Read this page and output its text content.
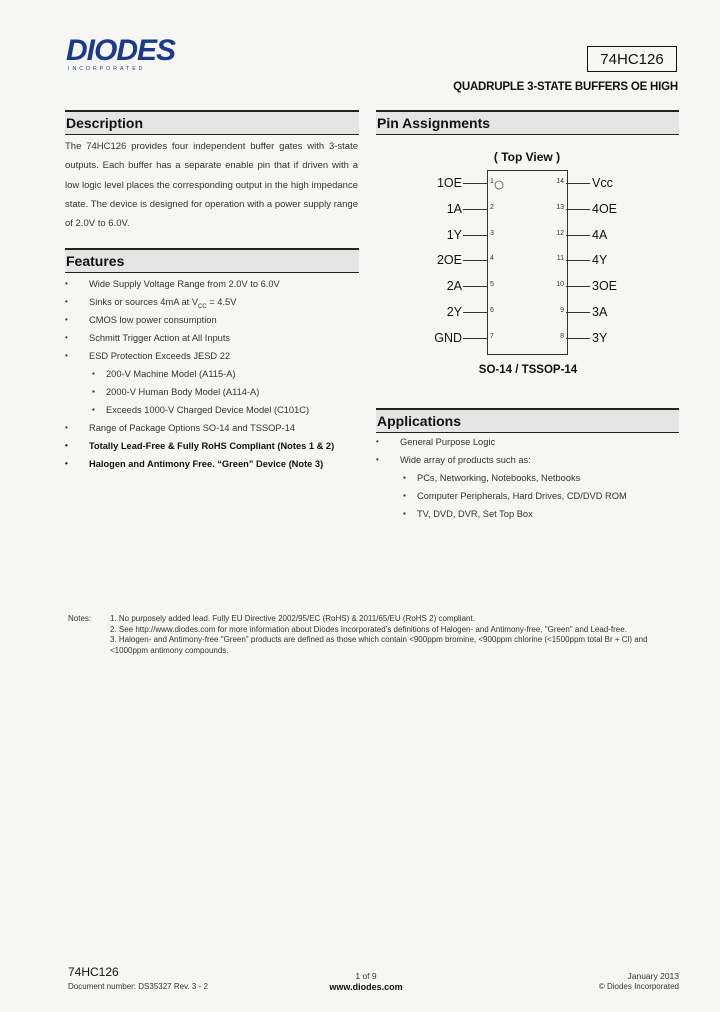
DIODES
INCORPORATED
74HC126
QUADRUPLE 3-STATE BUFFERS OE HIGH
Description
The 74HC126 provides four independent buffer gates with 3-state outputs. Each buffer has a separate enable pin that if driven with a low logic level places the corresponding output in the high impedance state. The device is designed for operation with a power supply range of 2.0V to 6.0V.
Features
• Wide Supply Voltage Range from 2.0V to 6.0V
• Sinks or sources 4mA at $V_{CC} = 4.5V$
• CMOS low power consumption
• Schmitt Trigger Action at All Inputs
• ESD Protection Exceeds JESD 22
▪ 200-V Machine Model (A115-A)
▪ 2000-V Human Body Model (A114-A)
▪ Exceeds 1000-V Charged Device Model (C101C)
• Range of Package Options SO-14 and TSSOP-14
• Totally Lead-Free & Fully RoHS Compliant (Notes 1 & 2)
• Halogen and Antimony Free. “Green” Device (Note 3)
Pin Assignments
( Top View )
1OE	1
1A	2
1Y	3
2OE	4
2A	5
2Y	6
GND	7
Vcc
14
4OE
13
4A
12
4Y
11
3OE
10
3A
9
3Y
8
SO-14 / TSSOP-14
Applications
• General Purpose Logic
• Wide array of products such as:
▪ PCs, Networking, Notebooks, Netbooks
▪ Computer Peripherals, Hard Drives, CD/DVD ROM
▪ TV, DVD, DVR, Set Top Box
Notes: 1. No purposely added lead. Fully EU Directive 2002/95/EC (RoHS) & 2011/65/EU (RoHS 2) compliant.
2. See http://www.diodes.com for more information about Diodes Incorporated’s definitions of Halogen- and Antimony-free, "Green" and Lead-free.
3. Halogen- and Antimony-free "Green" products are defined as those which contain <900ppm bromine, <900ppm chlorine (<1500ppm total Br + Cl) and <1000ppm antimony compounds.
74HC126
Document number: DS35327 Rev. 3 - 2
1 of 9
www.diodes.com
January 2013
© Diodes Incorporated
